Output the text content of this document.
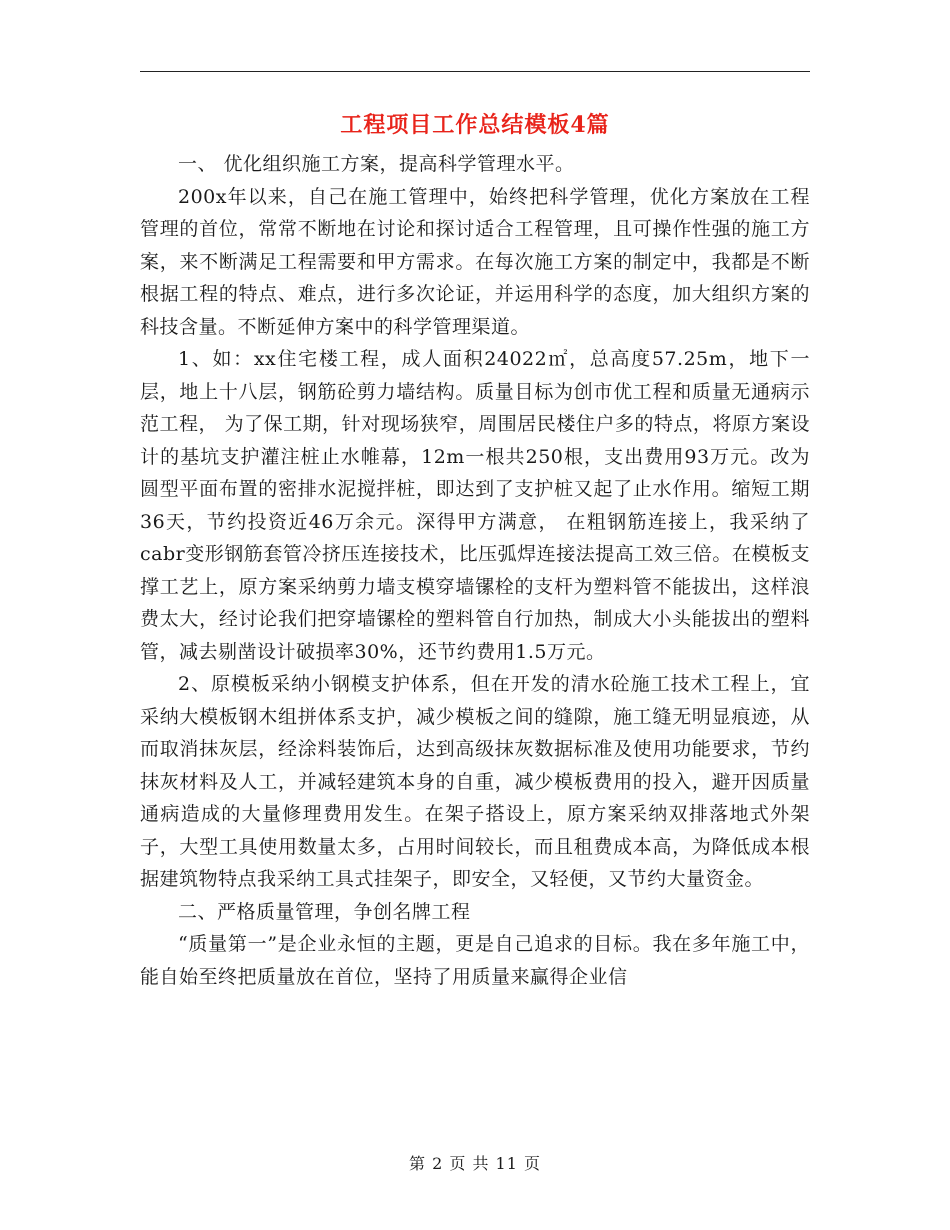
工程项目工作总结模板4篇

一、 优化组织施工方案，提高科学管理水平。

200x年以来，自己在施工管理中，始终把科学管理，优化方案放在工程管理的首位，常常不断地在讨论和探讨适合工程管理，且可操作性强的施工方案，来不断满足工程需要和甲方需求。在每次施工方案的制定中，我都是不断根据工程的特点、难点，进行多次论证，并运用科学的态度，加大组织方案的科技含量。不断延伸方案中的科学管理渠道。

1、如：xx住宅楼工程，成人面积24022㎡，总高度57.25m，地下一层，地上十八层，钢筋砼剪力墙结构。质量目标为创市优工程和质量无通病示范工程， 为了保工期，针对现场狭窄，周围居民楼住户多的特点，将原方案设计的基坑支护灌注桩止水帷幕，12m一根共250根，支出费用93万元。改为圆型平面布置的密排水泥搅拌桩，即达到了支护桩又起了止水作用。缩短工期36天，节约投资近46万余元。深得甲方满意， 在粗钢筋连接上，我采纳了cabr变形钢筋套管冷挤压连接技术，比压弧焊连接法提高工效三倍。在模板支撑工艺上，原方案采纳剪力墙支模穿墙镙栓的支杆为塑料管不能拔出，这样浪费太大，经讨论我们把穿墙镙栓的塑料管自行加热，制成大小头能拔出的塑料管，减去剔凿设计破损率30%，还节约费用1.5万元。

2、原模板采纳小钢模支护体系，但在开发的清水砼施工技术工程上，宜采纳大模板钢木组拼体系支护，减少模板之间的缝隙，施工缝无明显痕迹，从而取消抹灰层，经涂料装饰后，达到高级抹灰数据标准及使用功能要求，节约抹灰材料及人工，并减轻建筑本身的自重，减少模板费用的投入，避开因质量通病造成的大量修理费用发生。在架子搭设上，原方案采纳双排落地式外架子，大型工具使用数量太多，占用时间较长，而且租费成本高，为降低成本根据建筑物特点我采纳工具式挂架子，即安全，又轻便，又节约大量资金。

二、严格质量管理，争创名牌工程

“质量第一”是企业永恒的主题，更是自己追求的目标。我在多年施工中，能自始至终把质量放在首位，坚持了用质量来赢得企业信

第 2 页 共 11 页
